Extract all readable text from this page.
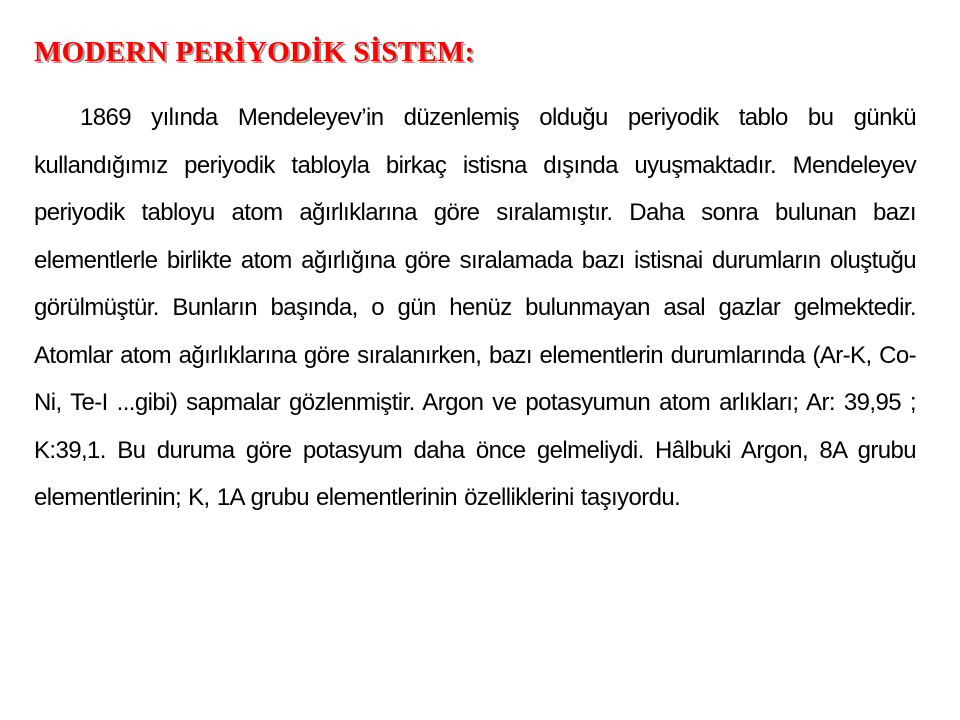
MODERN PERİYODİK SİSTEM:

1869 yılında Mendeleyev’in düzenlemiş olduğu periyodik tablo bu günkü kullandığımız periyodik tabloyla birkaç istisna dışında uyuşmaktadır. Mendeleyev periyodik tabloyu atom ağırlıklarına göre sıralamıştır. Daha sonra bulunan bazı elementlerle birlikte atom ağırlığına göre sıralamada bazı istisnai durumların oluştuğu görülmüştür. Bunların başında, o gün henüz bulunmayan asal gazlar gelmektedir. Atomlar atom ağırlıklarına göre sıralanırken, bazı elementlerin durumlarında (Ar-K, Co-Ni, Te-I ...gibi) sapmalar gözlenmiştir. Argon ve potasyumun atom arlıkları; Ar: 39,95 ; K:39,1. Bu duruma göre potasyum daha önce gelmeliydi. Hâlbuki Argon, 8A grubu elementlerinin; K, 1A grubu elementlerinin özelliklerini taşıyordu.
